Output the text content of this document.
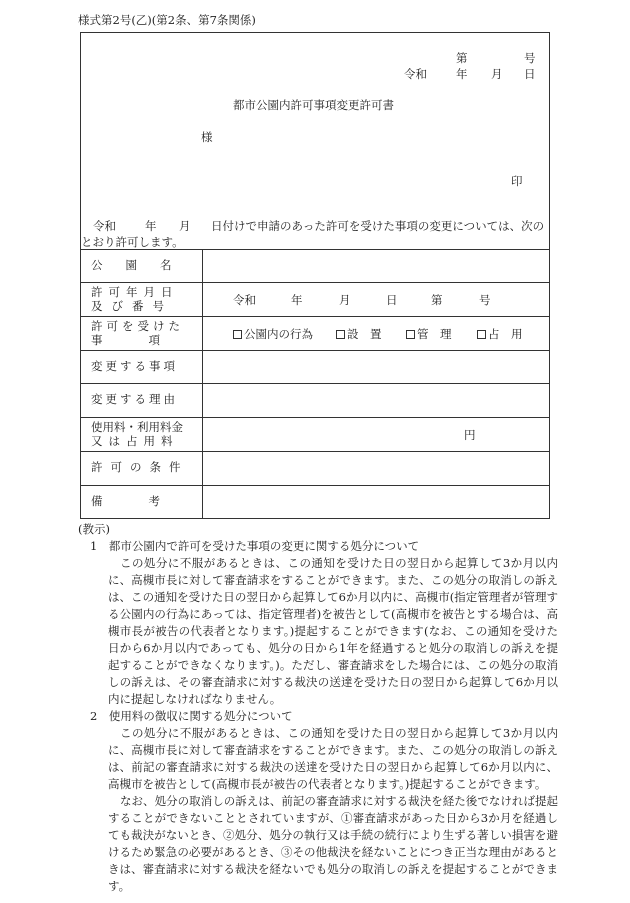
様式第2号(乙)(第2条、第7条関係)
第	号
令和	年 月 日
都市公園内許可事項変更許可書
様
印
令和	年 月 日付けで申請のあった許可を受けた事項の変更については、次の
とおり許可します。
公　　園　　名
許可年月日
及び番号	令和	年	月	日	第	号
許可を受けた
事　　　　項	公園内の行為	設　置	管　理	占　用
変更する事項
変更する理由
使用料・利用料金
又は占用料	円
許可の条件
備　　　　考

(教示)

1　都市公園内で許可を受けた事項の変更に関する処分について

この処分に不服があるときは、この通知を受けた日の翌日から起算して3か月以内に、高槻市長に対して審査請求をすることができます。また、この処分の取消しの訴えは、この通知を受けた日の翌日から起算して6か月以内に、高槻市(指定管理者が管理する公園内の行為にあっては、指定管理者)を被告として(高槻市を被告とする場合は、高槻市長が被告の代表者となります。)提起することができます(なお、この通知を受けた日から6か月以内であっても、処分の日から1年を経過すると処分の取消しの訴えを提起することができなくなります。)。ただし、審査請求をした場合には、この処分の取消しの訴えは、その審査請求に対する裁決の送達を受けた日の翌日から起算して6か月以内に提起しなければなりません。

2　使用料の徴収に関する処分について

この処分に不服があるときは、この通知を受けた日の翌日から起算して3か月以内に、高槻市長に対して審査請求をすることができます。また、この処分の取消しの訴えは、前記の審査請求に対する裁決の送達を受けた日の翌日から起算して6か月以内に、高槻市を被告として(高槻市長が被告の代表者となります。)提起することができます。

なお、処分の取消しの訴えは、前記の審査請求に対する裁決を経た後でなければ提起することができないこととされていますが、①審査請求があった日から3か月を経過しても裁決がないとき、②処分、処分の執行又は手続の続行により生ずる著しい損害を避けるため緊急の必要があるとき、③その他裁決を経ないことにつき正当な理由があるときは、審査請求に対する裁決を経ないでも処分の取消しの訴えを提起することができます。
